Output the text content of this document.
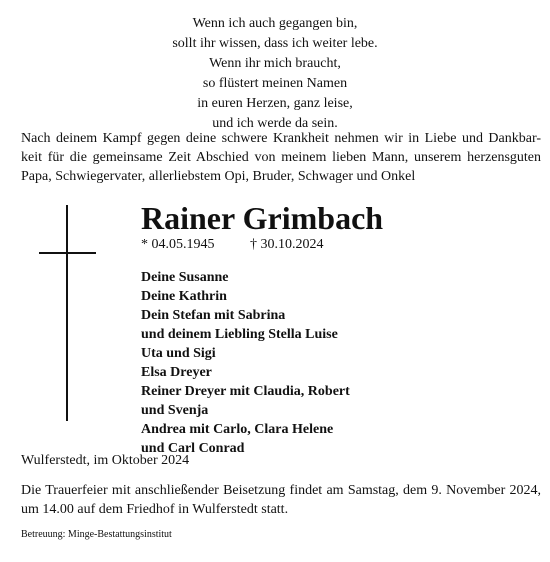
Wenn ich auch gegangen bin,
sollt ihr wissen, dass ich weiter lebe.
Wenn ihr mich braucht,
so flüstert meinen Namen
in euren Herzen, ganz leise,
und ich werde da sein.
Nach deinem Kampf gegen deine schwere Krankheit nehmen wir in Liebe und Dankbar-
keit für die gemeinsame Zeit Abschied von meinem lieben Mann, unserem herzensguten
Papa, Schwiegervater, allerliebstem Opi, Bruder, Schwager und Onkel
Rainer Grimbach
* 04.05.1945	† 30.10.2024
Deine Susanne
Deine Kathrin
Dein Stefan mit Sabrina
und deinem Liebling Stella Luise
Uta und Sigi
Elsa Dreyer
Reiner Dreyer mit Claudia, Robert
und Svenja
Andrea mit Carlo, Clara Helene
und Carl Conrad
Wulferstedt, im Oktober 2024
Die Trauerfeier mit anschließender Beisetzung findet am Samstag, dem 9. November 2024,
um 14.00 auf dem Friedhof in Wulferstedt statt.
Betreuung: Minge-Bestattungsinstitut
